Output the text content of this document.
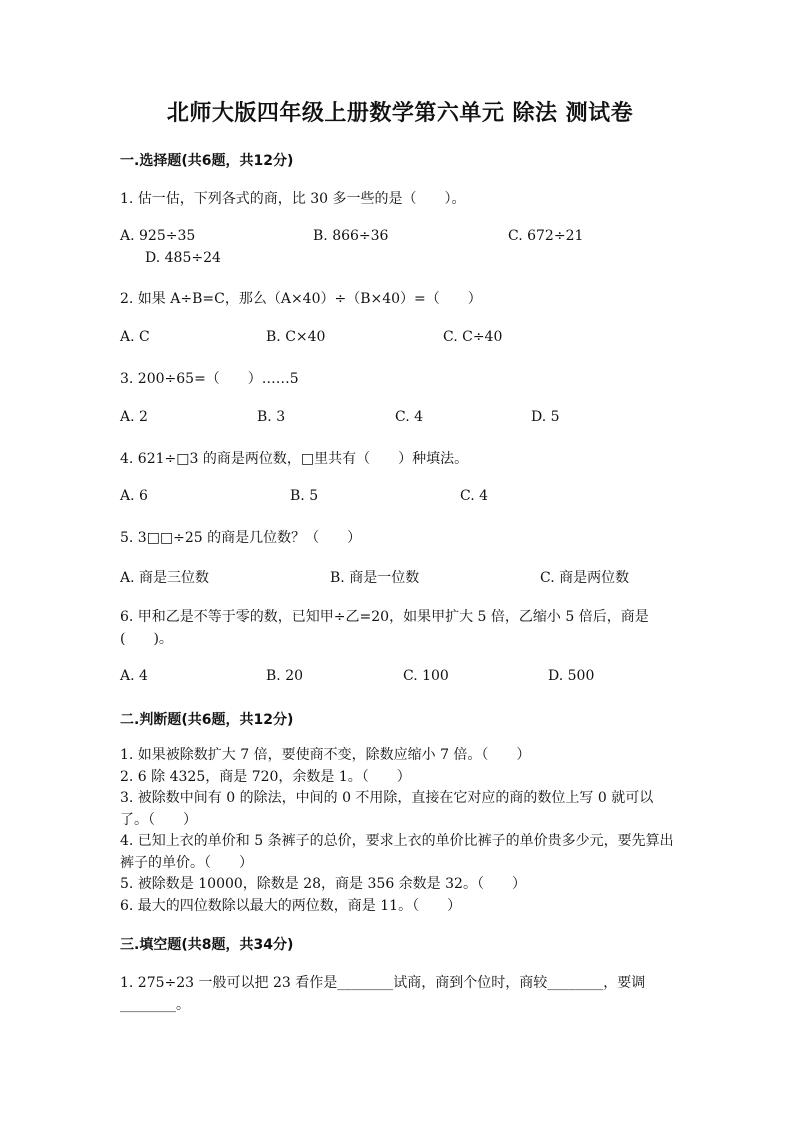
北师大版四年级上册数学第六单元 除法 测试卷
一.选择题(共6题，共12分)
1. 估一估，下列各式的商，比 30 多一些的是（　　）。
A. 925÷35	B. 866÷36	C. 672÷21
D. 485÷24
2. 如果 A÷B=C，那么（A×40）÷（B×40）=（　　）
A. C	B. C×40	C. C÷40
3. 200÷65=（　　）……5
A. 2	B. 3	C. 4	D. 5
4. 621÷□3 的商是两位数，□里共有（　　）种填法。
A. 6	B. 5	C. 4
5. 3□□÷25 的商是几位数？（　　）
A. 商是三位数	B. 商是一位数	C. 商是两位数
6. 甲和乙是不等于零的数，已知甲÷乙=20，如果甲扩大 5 倍，乙缩小 5 倍后，商是(　　)。
A. 4	B. 20	C. 100	D. 500
二.判断题(共6题，共12分)
1. 如果被除数扩大 7 倍，要使商不变，除数应缩小 7 倍。（　　）
2. 6 除 4325，商是 720，余数是 1。（　　）
3. 被除数中间有 0 的除法，中间的 0 不用除，直接在它对应的商的数位上写 0 就可以了。（　　）
4. 已知上衣的单价和 5 条裤子的总价，要求上衣的单价比裤子的单价贵多少元，要先算出裤子的单价。（　　）
5. 被除数是 10000，除数是 28，商是 356 余数是 32。（　　）
6. 最大的四位数除以最大的两位数，商是 11。（　　）
三.填空题(共8题，共34分)
1. 275÷23 一般可以把 23 看作是________试商，商到个位时，商较________，要调________。
